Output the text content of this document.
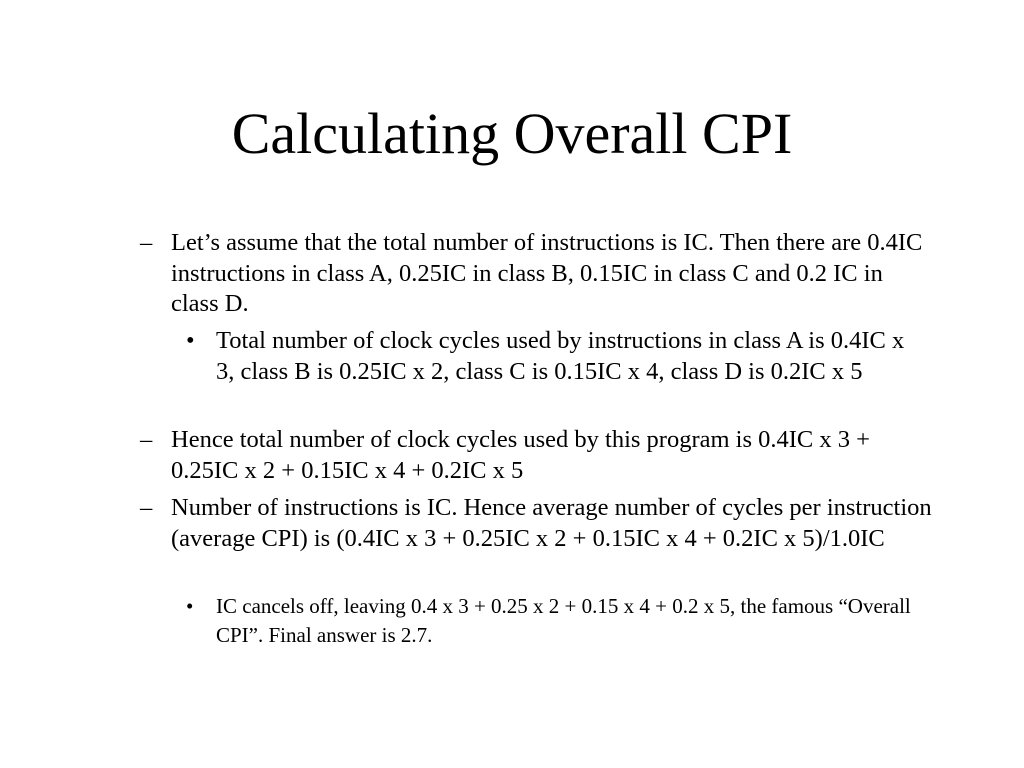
Calculating Overall CPI
– Let’s assume that the total number of instructions is IC. Then there are 0.4IC instructions in class A, 0.25IC in class B, 0.15IC in class C and 0.2 IC in class D.
• Total number of clock cycles used by instructions in class A is 0.4IC x 3, class B is 0.25IC x 2, class C is 0.15IC x 4, class D is 0.2IC x 5
– Hence total number of clock cycles used by this program is 0.4IC x 3 + 0.25IC x 2 + 0.15IC x 4 + 0.2IC x 5
– Number of instructions is IC. Hence average number of cycles per instruction (average CPI) is (0.4IC x 3 + 0.25IC x 2 + 0.15IC x 4 + 0.2IC x 5)/1.0IC
• IC cancels off, leaving 0.4 x 3 + 0.25 x 2 + 0.15 x 4 + 0.2 x 5, the famous “Overall CPI”. Final answer is 2.7.
